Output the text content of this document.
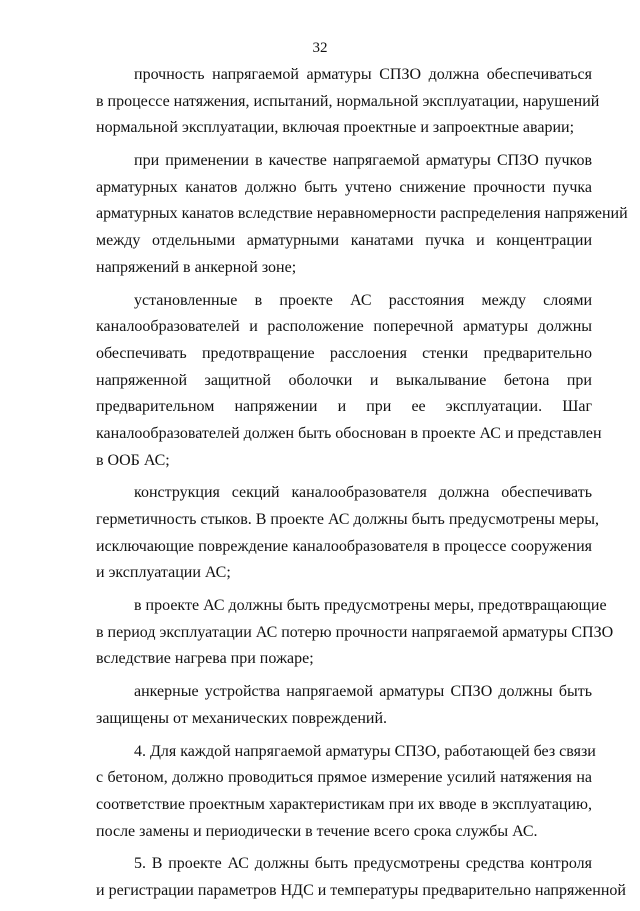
32
прочность напрягаемой арматуры СПЗО должна обеспечиваться
в процессе натяжения, испытаний, нормальной эксплуатации, нарушений
нормальной эксплуатации, включая проектные и запроектные аварии;
при применении в качестве напрягаемой арматуры СПЗО пучков
арматурных канатов должно быть учтено снижение прочности пучка
арматурных канатов вследствие неравномерности распределения напряжений
между отдельными арматурными канатами пучка и концентрации
напряжений в анкерной зоне;
установленные в проекте АС расстояния между слоями
каналообразователей и расположение поперечной арматуры должны
обеспечивать предотвращение расслоения стенки предварительно
напряженной защитной оболочки и выкалывание бетона при
предварительном напряжении и при ее эксплуатации. Шаг
каналообразователей должен быть обоснован в проекте АС и представлен
в ООБ АС;
конструкция секций каналообразователя должна обеспечивать
герметичность стыков. В проекте АС должны быть предусмотрены меры,
исключающие повреждение каналообразователя в процессе сооружения
и эксплуатации АС;
в проекте АС должны быть предусмотрены меры, предотвращающие
в период эксплуатации АС потерю прочности напрягаемой арматуры СПЗО
вследствие нагрева при пожаре;
анкерные устройства напрягаемой арматуры СПЗО должны быть
защищены от механических повреждений.
4. Для каждой напрягаемой арматуры СПЗО, работающей без связи
с бетоном, должно проводиться прямое измерение усилий натяжения на
соответствие проектным характеристикам при их вводе в эксплуатацию,
после замены и периодически в течение всего срока службы АС.
5. В проекте АС должны быть предусмотрены средства контроля
и регистрации параметров НДС и температуры предварительно напряженной
